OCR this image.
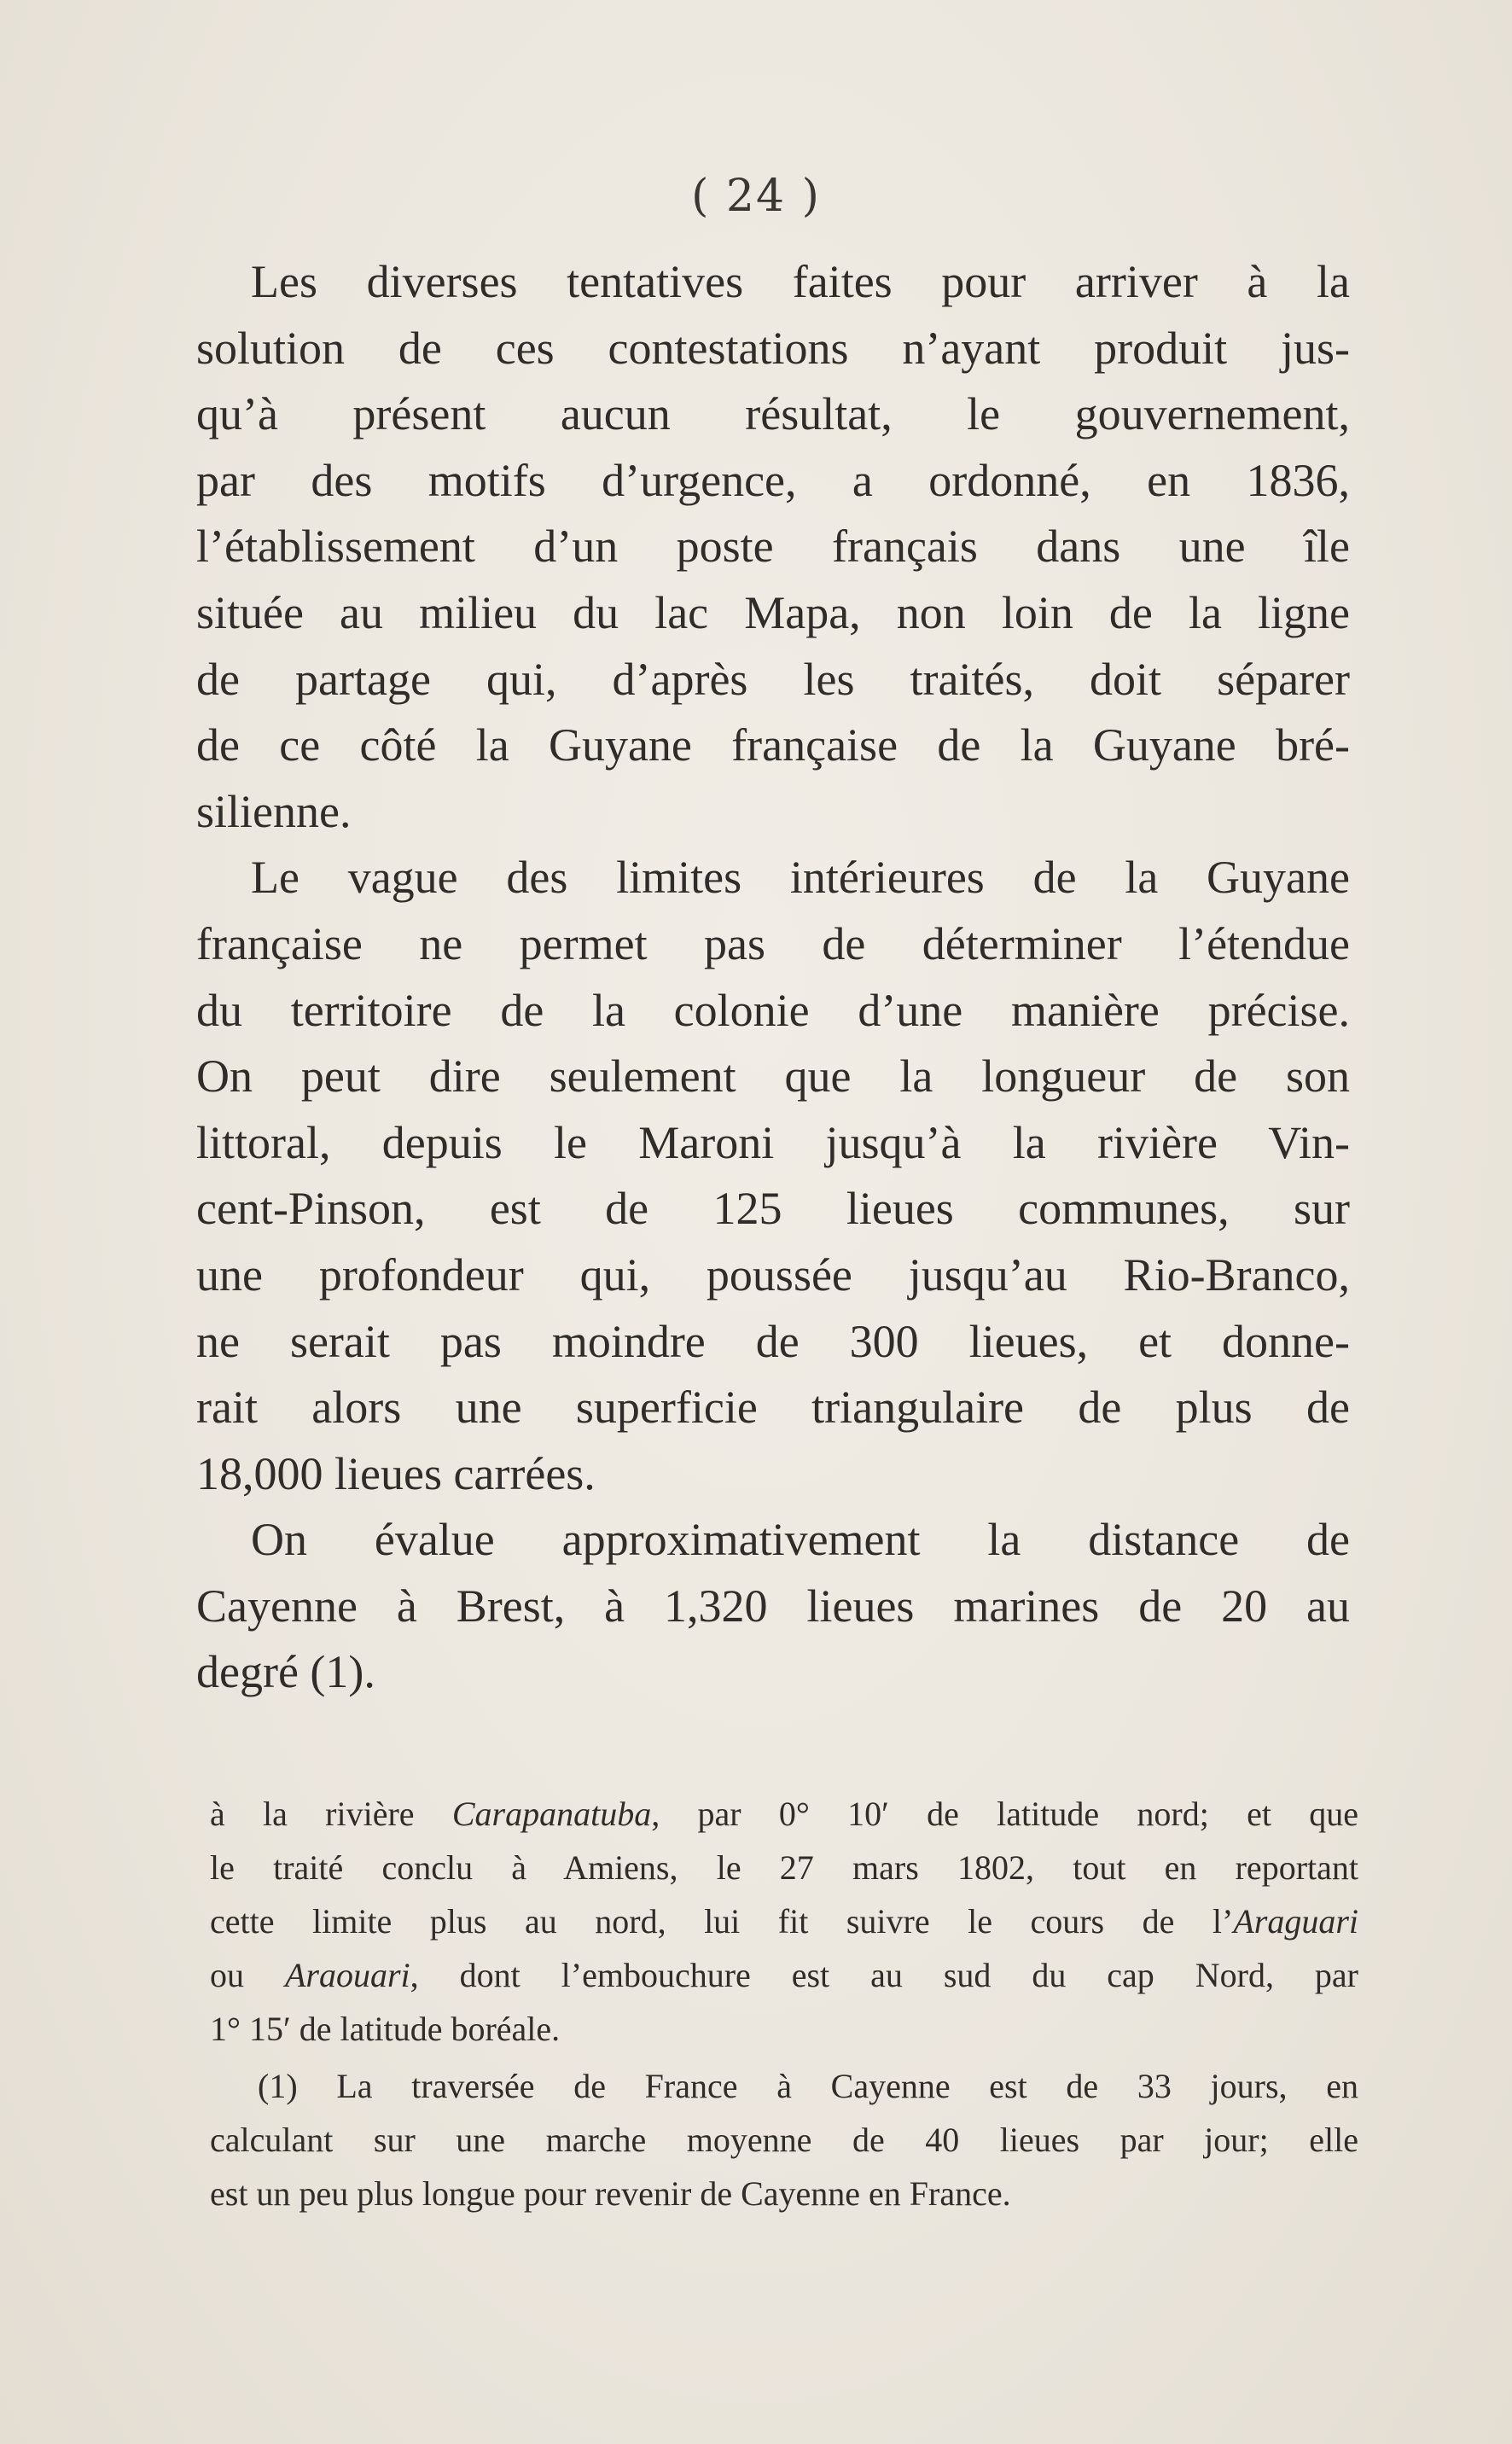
( 24 )
Les diverses tentatives faites pour arriver à la
solution de ces contestations n’ayant produit jus-
qu’à présent aucun résultat, le gouvernement,
par des motifs d’urgence, a ordonné, en 1836,
l’établissement d’un poste français dans une île
située au milieu du lac Mapa, non loin de la ligne
de partage qui, d’après les traités, doit séparer
de ce côté la Guyane française de la Guyane bré-
silienne.
Le vague des limites intérieures de la Guyane
française ne permet pas de déterminer l’étendue
du territoire de la colonie d’une manière précise.
On peut dire seulement que la longueur de son
littoral, depuis le Maroni jusqu’à la rivière Vin-
cent-Pinson, est de 125 lieues communes, sur
une profondeur qui, poussée jusqu’au Rio-Branco,
ne serait pas moindre de 300 lieues, et donne-
rait alors une superficie triangulaire de plus de
18,000 lieues carrées.
On évalue approximativement la distance de
Cayenne à Brest, à 1,320 lieues marines de 20 au
degré (1).
à la rivière Carapanatuba, par 0° 10′ de latitude nord; et que
le traité conclu à Amiens, le 27 mars 1802, tout en reportant
cette limite plus au nord, lui fit suivre le cours de l’Araguari
ou Araouari, dont l’embouchure est au sud du cap Nord, par
1° 15′ de latitude boréale.
(1) La traversée de France à Cayenne est de 33 jours, en
calculant sur une marche moyenne de 40 lieues par jour; elle
est un peu plus longue pour revenir de Cayenne en France.
